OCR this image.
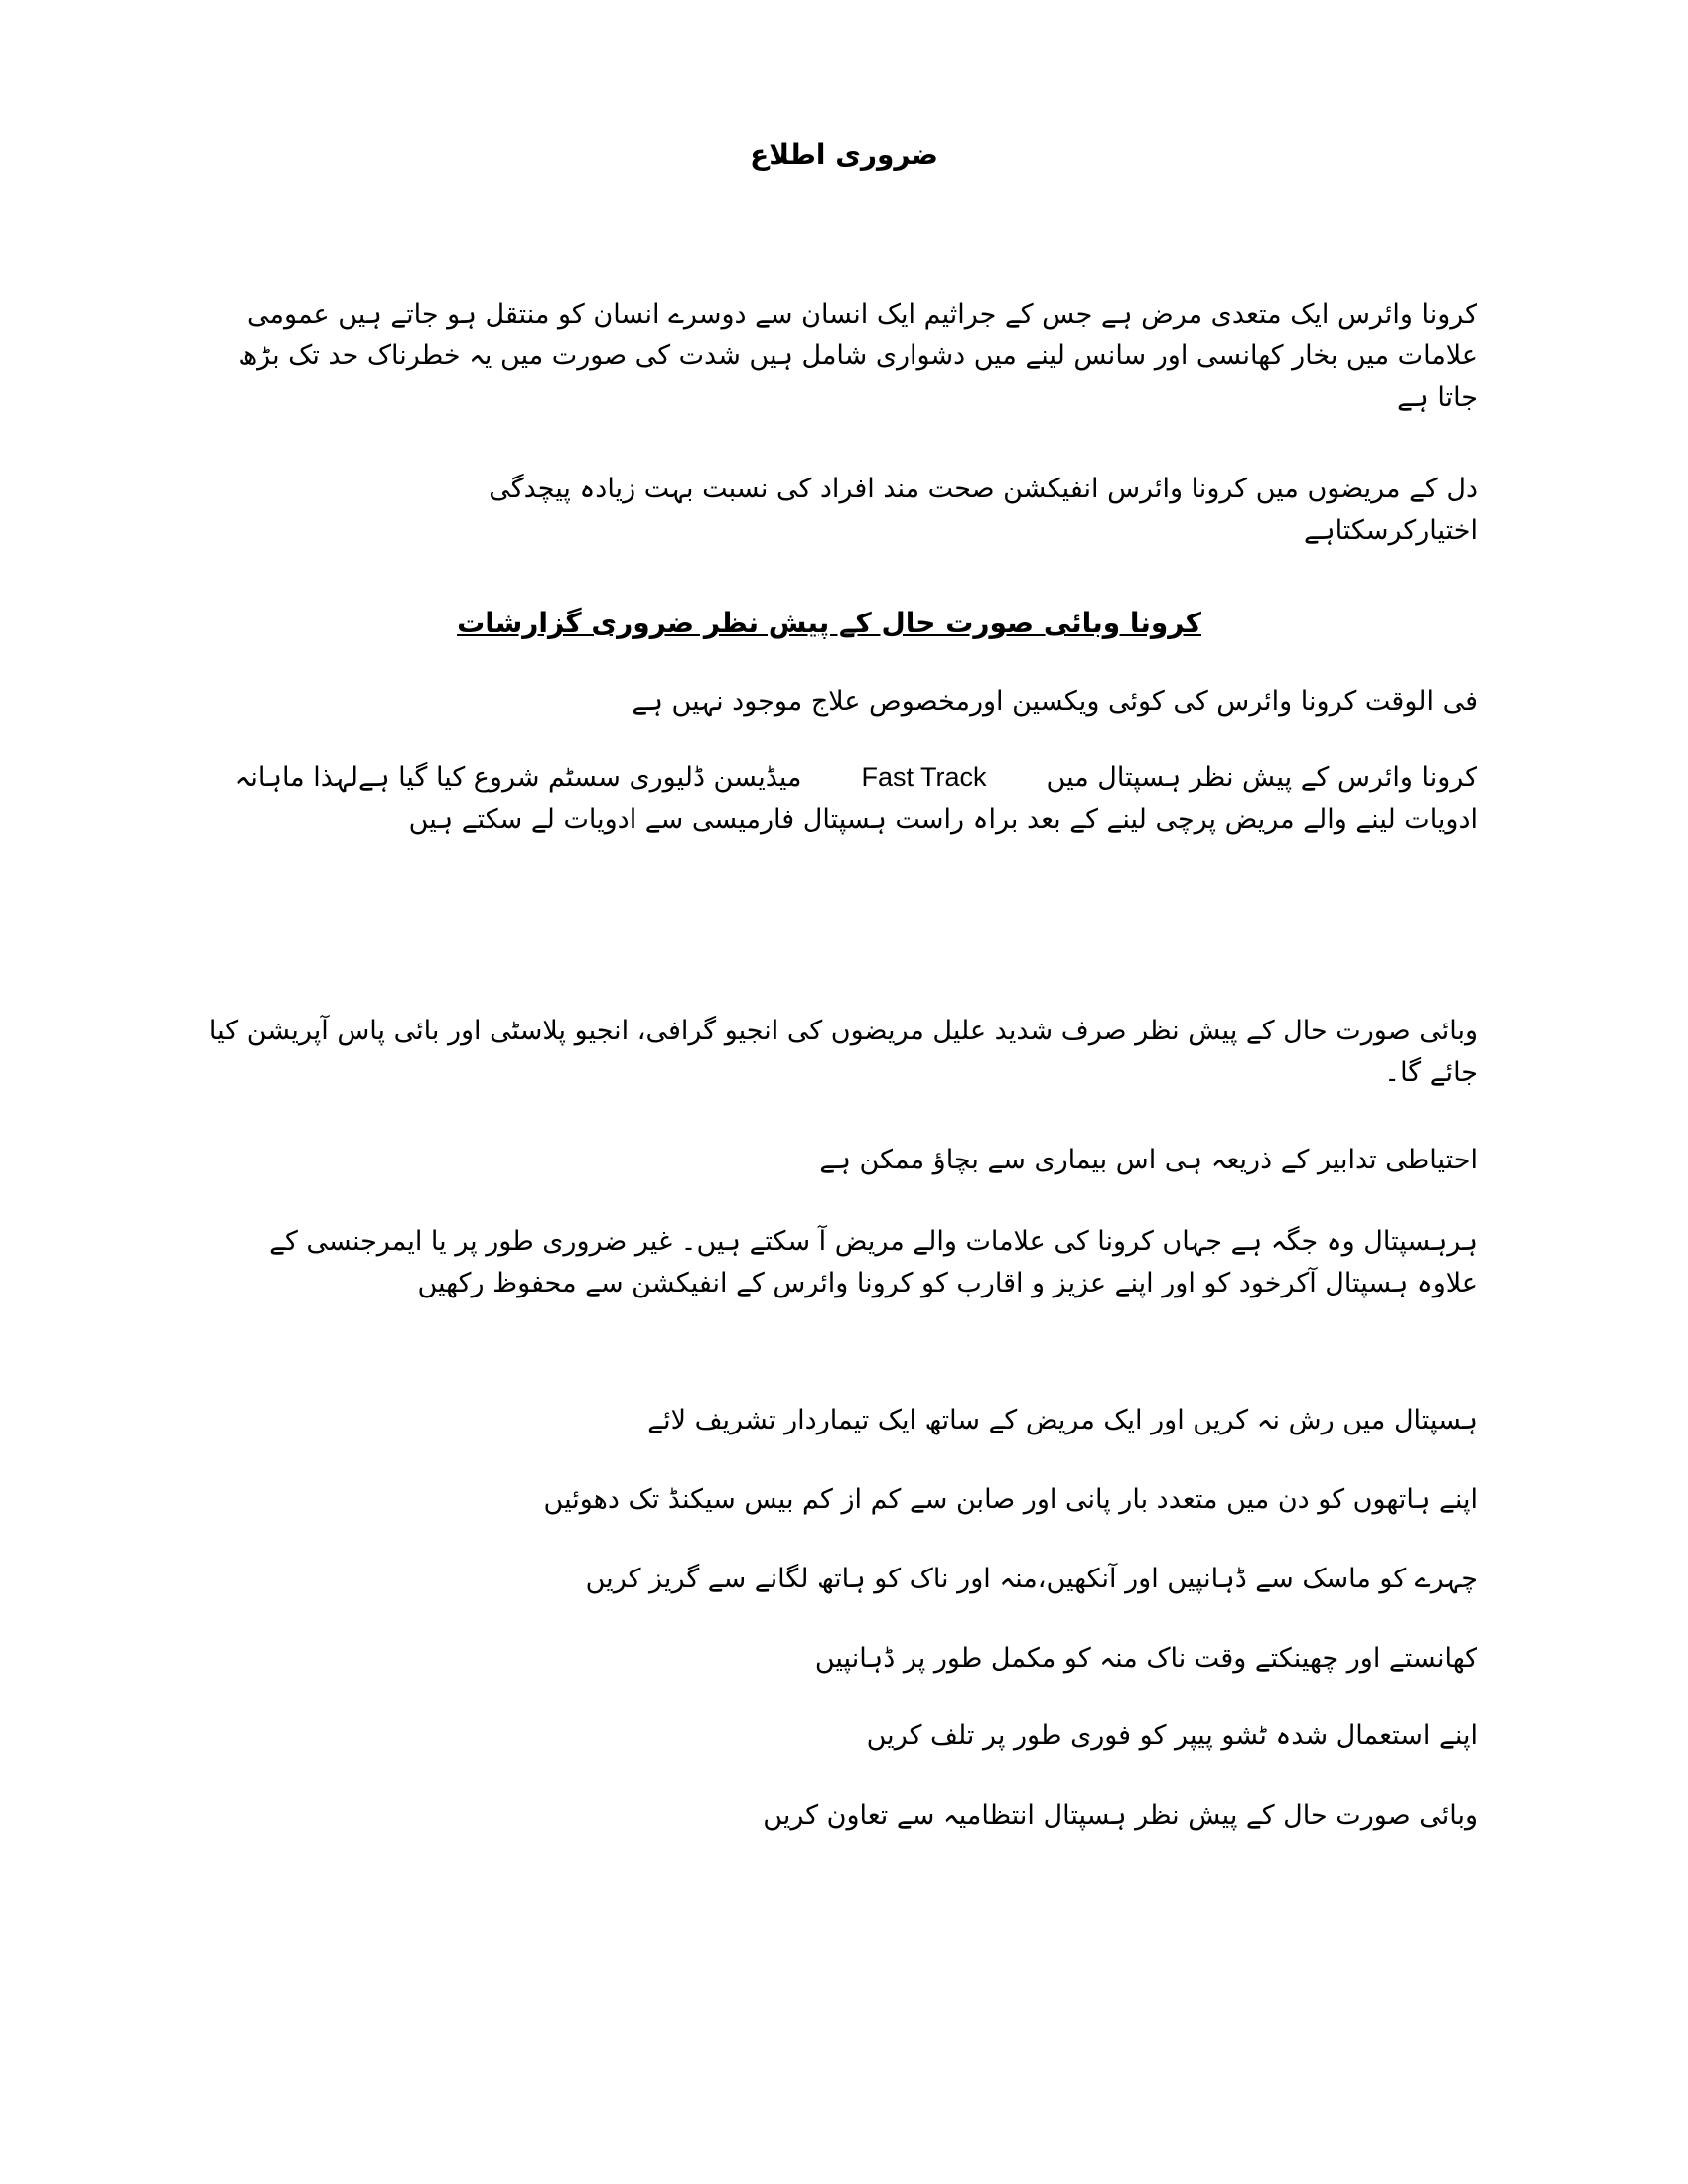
ضروری اطلاع
کرونا وائرس ایک متعدی مرض ہے جس کے جراثیم ایک انسان سے دوسرے انسان کو منتقل ہو جاتے ہیں عمومی علامات میں بخار کھانسی اور سانس لینے میں دشواری شامل ہیں شدت کی صورت میں یہ خطرناک حد تک بڑھ جاتا ہے
دل کے مریضوں میں کرونا وائرس انفیکشن صحت مند افراد کی نسبت بہت زیادہ پیچدگی اختیارکرسکتاہے
کرونا وبائی صورت حال کے پیش نظر ضروری گزارشات
فی الوقت کرونا وائرس کی کوئی ویکسین اورمخصوص علاج موجود نہیں ہے
کرونا وائرس کے پیش نظر ہسپتال میںFast Trackمیڈیسن ڈلیوری سسٹم شروع کیا گیا ہےلہذا ماہانہ ادویات لینے والے مریض پرچی لینے کے بعد براہ راست ہسپتال فارمیسی سے ادویات لے سکتے ہیں
وبائی صورت حال کے پیش نظر صرف شدید علیل مریضوں کی انجیو گرافی، انجیو پلاسٹی اور بائی پاس آپریشن کیا جائے گا۔
احتیاطی تدابیر کے ذریعہ ہی اس بیماری سے بچاؤ ممکن ہے
ہرہسپتال وہ جگہ ہے جہاں کرونا کی علامات والے مریض آ سکتے ہیں۔ غیر ضروری طور پر یا ایمرجنسی کے علاوہ ہسپتال آکرخود کو اور اپنے عزیز و اقارب کو کرونا وائرس کے انفیکشن سے محفوظ رکھیں
ہسپتال میں رش نہ کریں اور ایک مریض کے ساتھ ایک تیماردار تشریف لائے
اپنے ہاتھوں کو دن میں متعدد بار پانی اور صابن سے کم از کم بیس سیکنڈ تک دھوئیں
چہرے کو ماسک سے ڈہانپیں اور آنکھیں،منہ اور ناک کو ہاتھ لگانے سے گریز کریں
کھانستے اور چھینکتے وقت ناک منہ کو مکمل طور پر ڈہانپیں
اپنے استعمال شدہ ٹشو پیپر کو فوری طور پر تلف کریں
وبائی صورت حال کے پیش نظر ہسپتال انتظامیہ سے تعاون کریں
